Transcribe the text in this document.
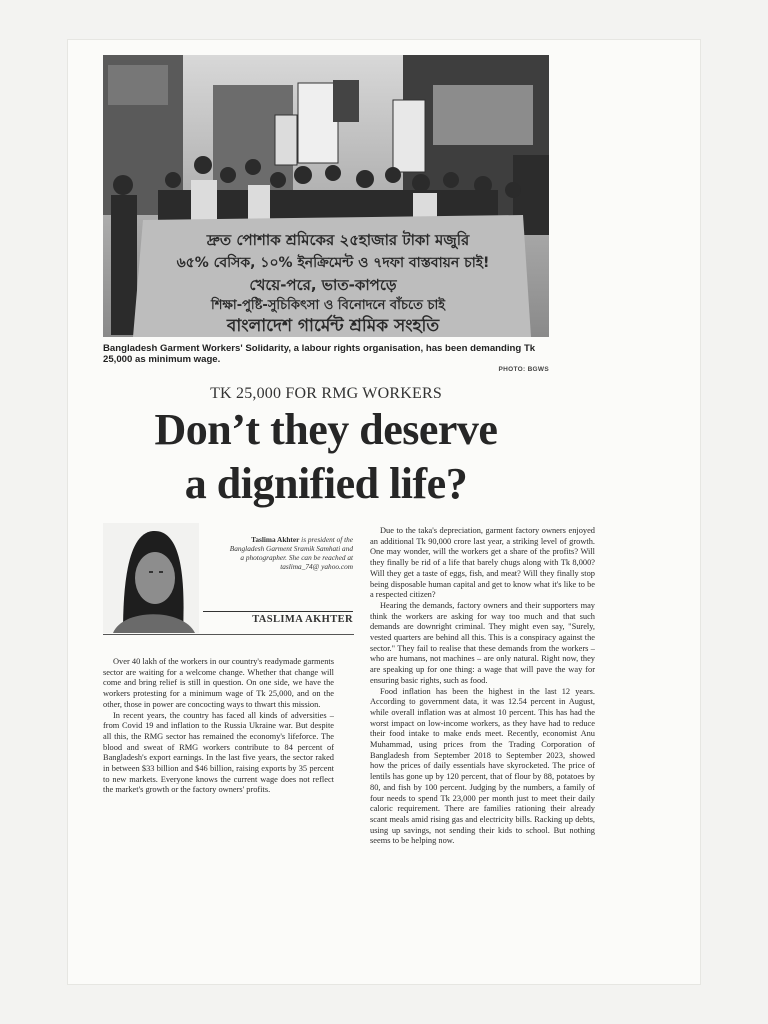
দ্রুত পোশাক শ্রমিকের ২৫হাজার টাকা মজুরি
৬৫% বেসিক, ১০% ইনক্রিমেন্ট ও ৭দফা বাস্তবায়ন চাই!
খেয়ে-পরে, ভাত-কাপড়ে
শিক্ষা-পুষ্টি-সুচিকিৎসা ও বিনোদনে বাঁচতে চাই
বাংলাদেশ গার্মেন্ট শ্রমিক সংহতি
Bangladesh Garment Workers' Solidarity, a labour rights organisation, has been demanding Tk 25,000 as minimum wage.
PHOTO: BGWS
TK 25,000 FOR RMG WORKERS
Don’t they deserve
a dignified life?
Taslima Akhter is president of the Bangladesh Garment Sramik Samhati and a photographer. She can be reached at taslima_74@ yahoo.com
TASLIMA AKHTER

Over 40 lakh of the workers in our country's readymade garments sector are waiting for a welcome change. Whether that change will come and bring relief is still in question. On one side, we have the workers protesting for a minimum wage of Tk 25,000, and on the other, those in power are concocting ways to thwart this mission.

In recent years, the country has faced all kinds of adversities – from Covid 19 and inflation to the Russia Ukraine war. But despite all this, the RMG sector has remained the economy's lifeforce. The blood and sweat of RMG workers contribute to 84 percent of Bangladesh's export earnings. In the last five years, the sector raked in between $33 billion and $46 billion, raising exports by 35 percent to new markets. Everyone knows the current wage does not reflect the market's growth or the factory owners' profits.

Due to the taka's depreciation, garment factory owners enjoyed an additional Tk 90,000 crore last year, a striking level of growth. One may wonder, will the workers get a share of the profits? Will they finally be rid of a life that barely chugs along with Tk 8,000? Will they get a taste of eggs, fish, and meat? Will they finally stop being disposable human capital and get to know what it's like to be a respected citizen?

Hearing the demands, factory owners and their supporters may think the workers are asking for way too much and that such demands are downright criminal. They might even say, "Surely, vested quarters are behind all this. This is a conspiracy against the sector." They fail to realise that these demands from the workers – who are humans, not machines – are only natural. Right now, they are speaking up for one thing: a wage that will pave the way for ensuring basic rights, such as food.

Food inflation has been the highest in the last 12 years. According to government data, it was 12.54 percent in August, while overall inflation was at almost 10 percent. This has had the worst impact on low-income workers, as they have had to reduce their food intake to make ends meet. Recently, economist Anu Muhammad, using prices from the Trading Corporation of Bangladesh from September 2018 to September 2023, showed how the prices of daily essentials have skyrocketed. The price of lentils has gone up by 120 percent, that of flour by 88, potatoes by 80, and fish by 100 percent. Judging by the numbers, a family of four needs to spend Tk 23,000 per month just to meet their daily caloric requirement. There are families rationing their already scant meals amid rising gas and electricity bills. Racking up debts, using up savings, not sending their kids to school. But nothing seems to be helping now.
